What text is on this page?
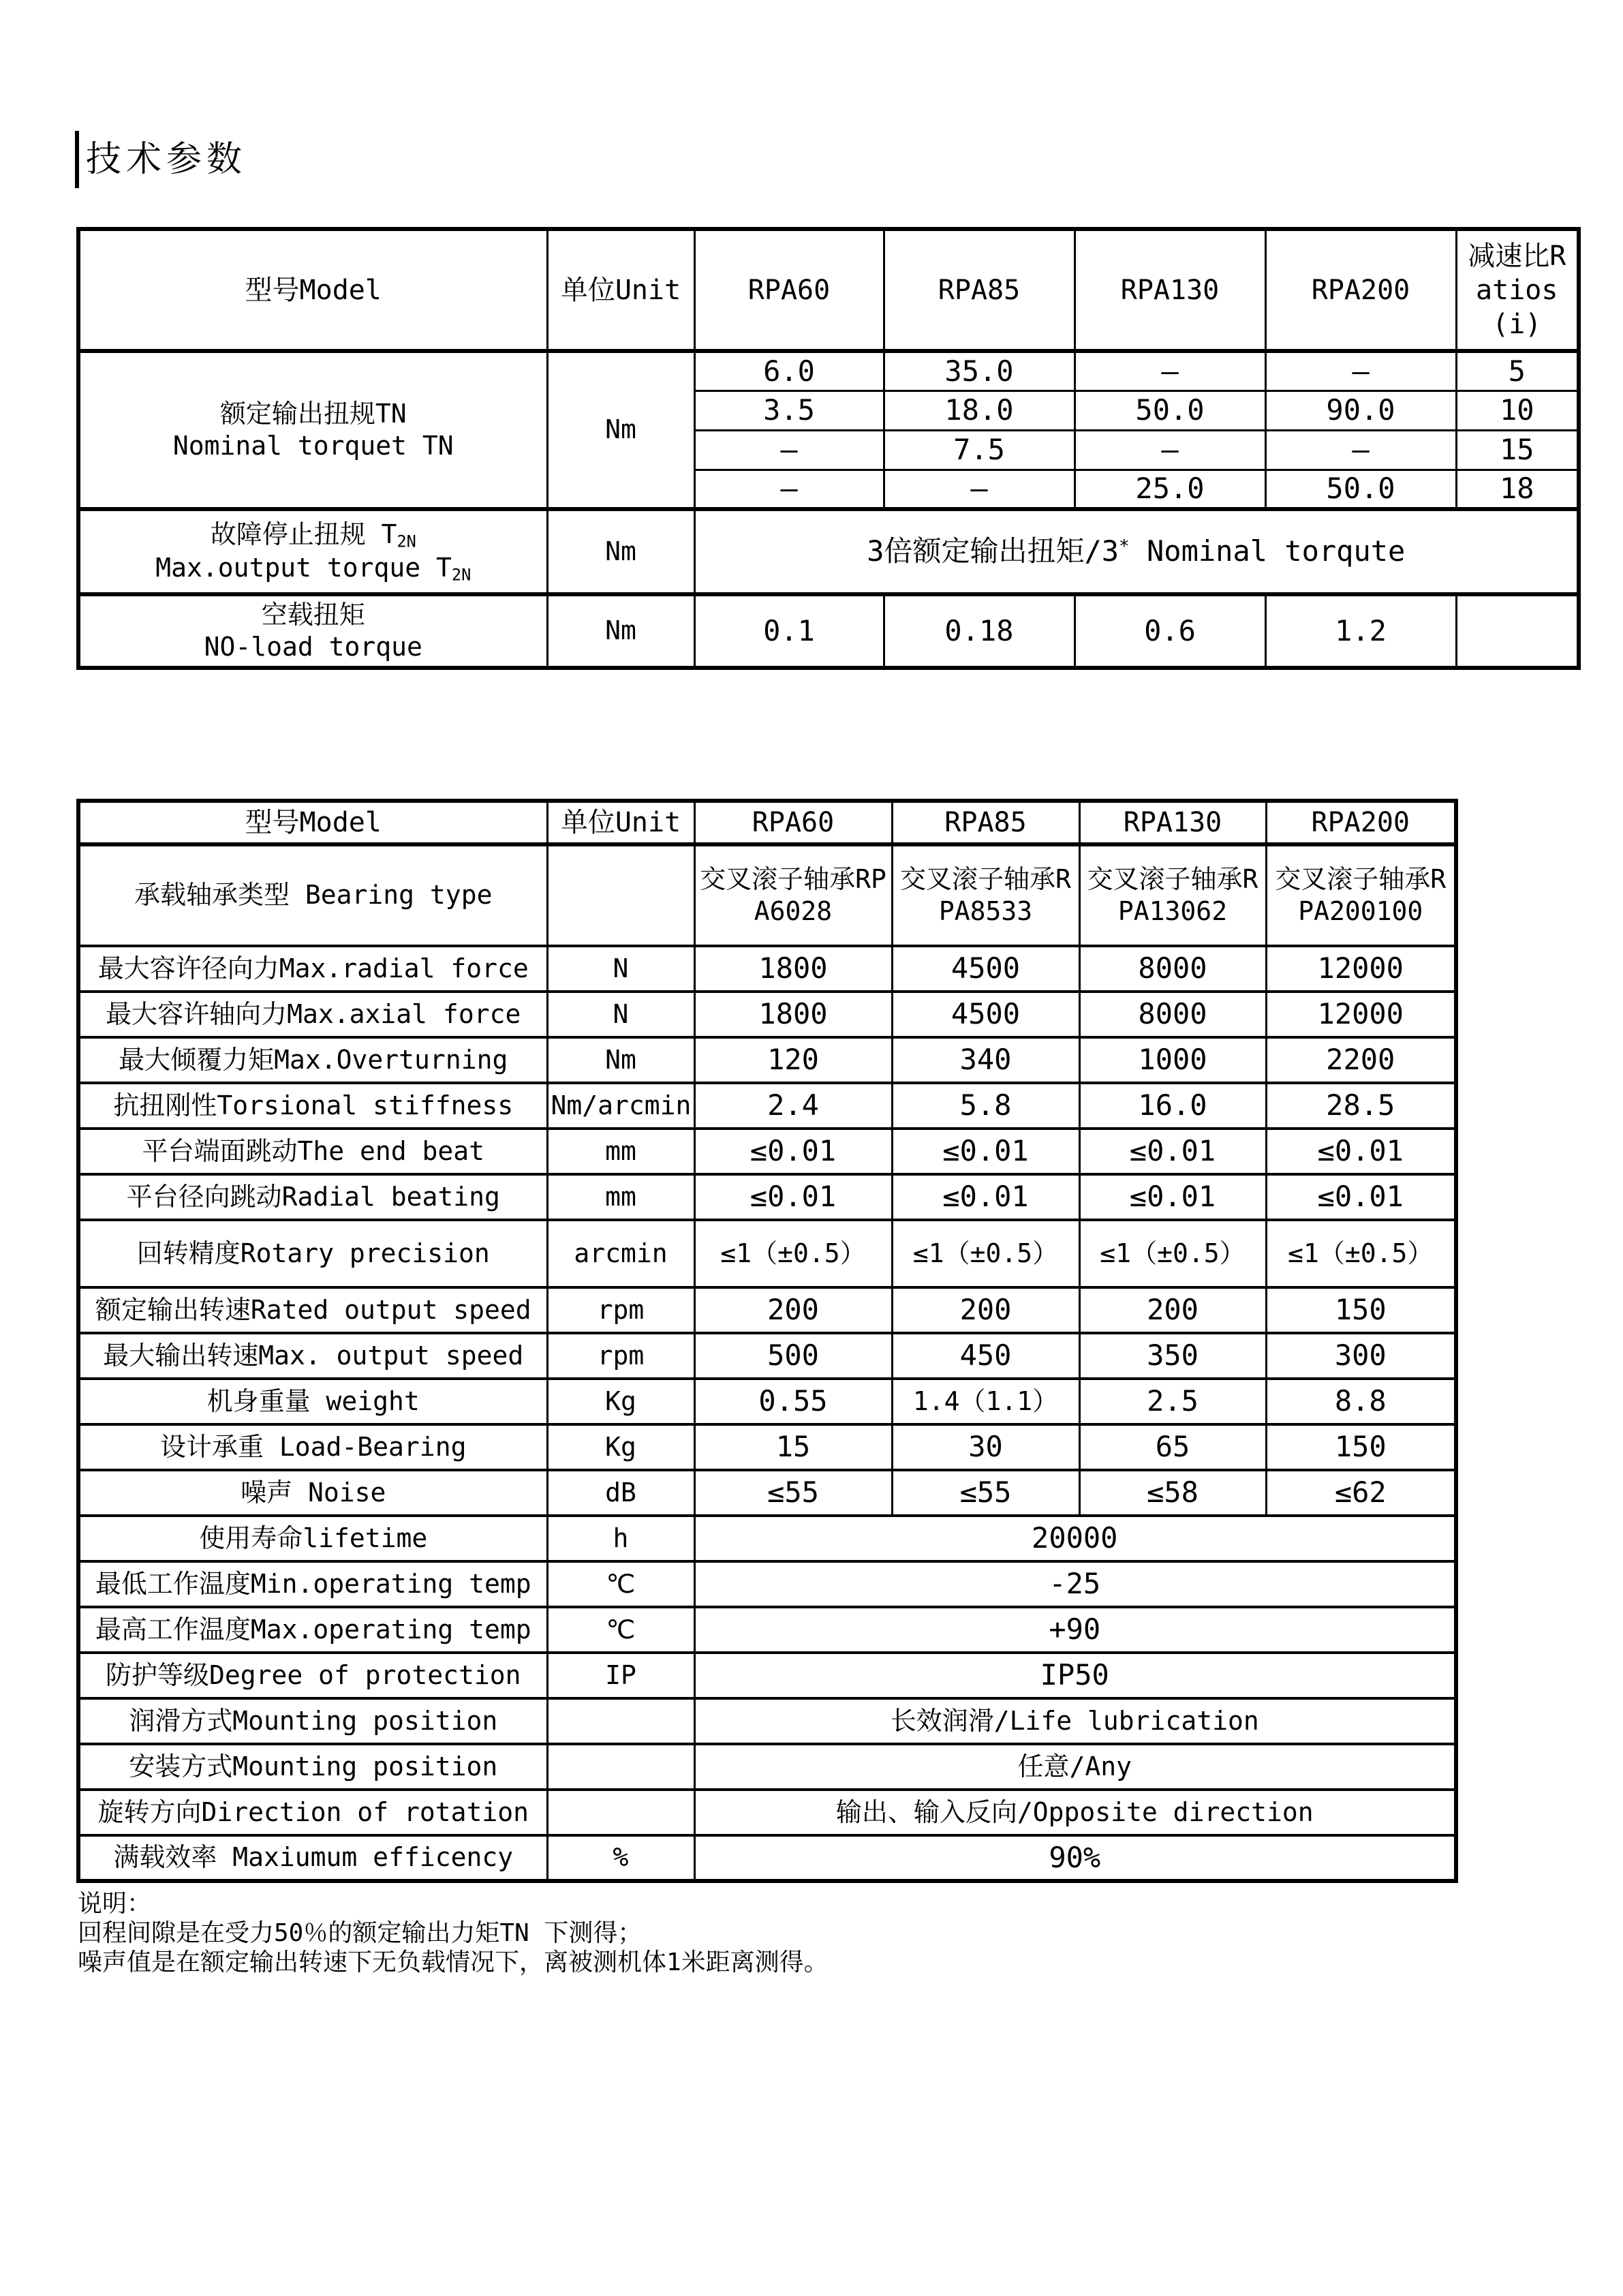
技术参数
型号Model	单位Unit	RPA60	RPA85	RPA130	RPA200	减速比Ratios(i)

额定输出扭规TN
Nominal torquet TN	Nm	6.0	35.0	—	—	5
		3.5	18.0	50.0	90.0	10
		—	7.5	—	—	15
		—	—	25.0	50.0	18

故障停止扭规 $T_{2N}$
Max.output torque $T_{2N}$	Nm	3倍额定输出扭矩/3* Nominal torqute				

空载扭矩
NO-load torque	Nm	0.1	0.18	0.6	1.2	
型号Model	单位Unit	RPA60	RPA85	RPA130	RPA200
承载轴承类型 Bearing type		交叉滚子轴承RPA6028	交叉滚子轴承RPA8533	交叉滚子轴承RPA13062	交叉滚子轴承RPA200100
最大容许径向力Max.radial force	N	1800	4500	8000	12000
最大容许轴向力Max.axial force	N	1800	4500	8000	12000
最大倾覆力矩Max.Overturning	Nm	120	340	1000	2200
抗扭刚性Torsional stiffness	Nm/arcmin	2.4	5.8	16.0	28.5
平台端面跳动The end beat	mm	≤0.01	≤0.01	≤0.01	≤0.01
平台径向跳动Radial beating	mm	≤0.01	≤0.01	≤0.01	≤0.01
回转精度Rotary precision	arcmin	≤1（±0.5）	≤1（±0.5）	≤1（±0.5）	≤1（±0.5）
额定输出转速Rated output speed	rpm	200	200	200	150
最大输出转速Max. output speed	rpm	500	450	350	300
机身重量 weight	Kg	0.55	1.4（1.1）	2.5	8.8
设计承重 Load-Bearing	Kg	15	30	65	150
噪声 Noise	dB	≤55	≤55	≤58	≤62
使用寿命lifetime	h	20000			
最低工作温度Min.operating temp	℃	-25			
最高工作温度Max.operating temp	℃	+90			
防护等级Degree of protection	IP	IP50			
润滑方式Mounting position		长效润滑/Life lubrication			
安装方式Mounting position		任意/Any			
旋转方向Direction of rotation		输出、输入反向/Opposite direction			
满载效率 Maxiumum efficency	%	90%			
说明：
回程间隙是在受力50％的额定输出力矩TN 下测得；
噪声值是在额定输出转速下无负载情况下，离被测机体1米距离测得。
